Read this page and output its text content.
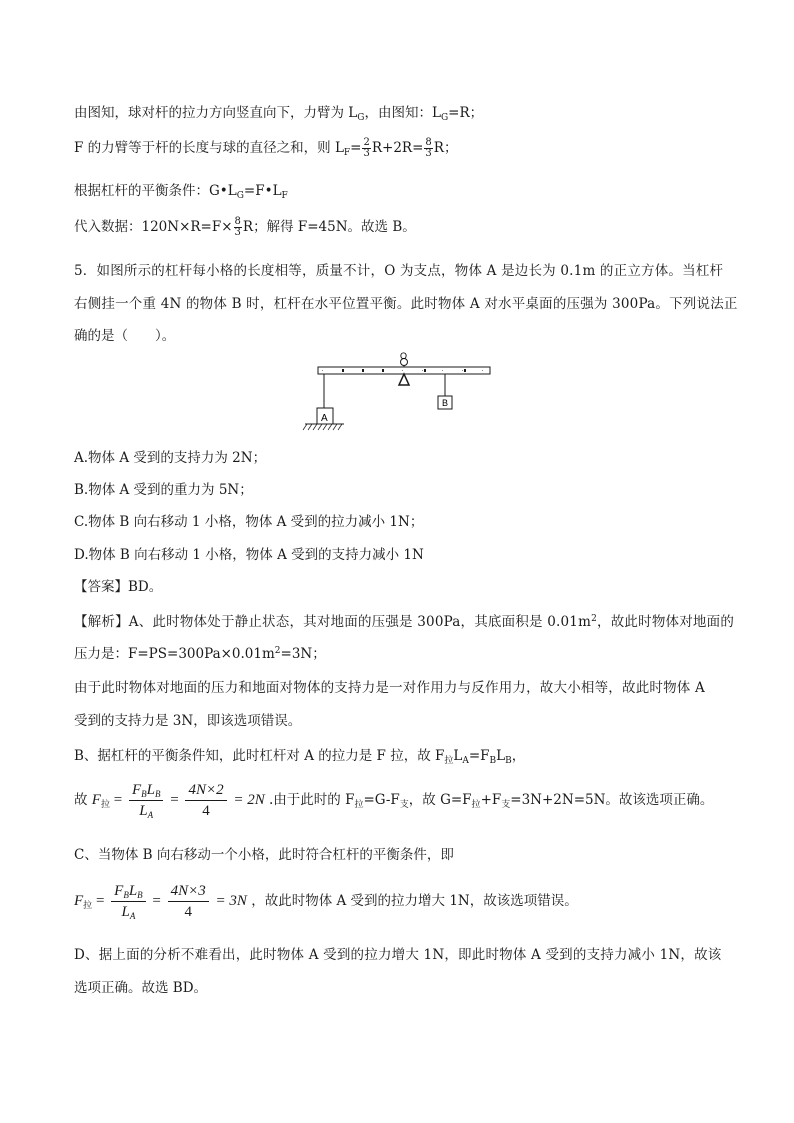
由图知，球对杆的拉力方向竖直向下，力臂为 $L_G$，由图知：$L_G=R$；
F 的力臂等于杆的长度与球的直径之和，则 $L_F= \frac{2}{3} R+2R= \frac{8}{3}$ R；
根据杠杆的平衡条件：$G•L_G=F•L_F$
代入数据：$120N\times R=F\times \frac{8}{3}$ R；解得 F=45N。故选 B。
5．如图所示的杠杆每小格的长度相等，质量不计，O 为支点，物体 A 是边长为 0.1m 的正立方体。当杠杆
右侧挂一个重 4N 的物体 B 时，杠杆在水平位置平衡。此时物体 A 对水平桌面的压强为 300Pa。下列说法正
确的是（　　）。
A
B
O
A.物体 A 受到的支持力为 2N；
B.物体 A 受到的重力为 5N；
C.物体 B 向右移动 1 小格，物体 A 受到的拉力减小 1N；
D.物体 B 向右移动 1 小格，物体 A 受到的支持力减小 1N
【答案】BD。
【解析】A、此时物体处于静止状态，其对地面的压强是 300Pa，其底面积是 $0.01m^2$，故此时物体对地面的
压力是：$F=PS=300Pa\times 0.01m^2=3N$；
由于此时物体对地面的压力和地面对物体的支持力是一对作用力与反作用力，故大小相等，故此时物体 A
受到的支持力是 3N，即该选项错误。
B、据杠杆的平衡条件知，此时杠杆对 A 的拉力是 F 拉，故 $F_拉L_A=F_BL_B$，
故 $F_拉 = \frac{F_BL_B}{L_A} = \frac{4N\times 2}{4} = 2N$ .由于此时的 $F_拉=G-F_支$，故 $G=F_拉+F_支=3N+2N=5N$。故该选项正确。
C、当物体 B 向右移动一个小格，此时符合杠杆的平衡条件，即
$F_拉 = \frac{F_BL_B}{L_A} = \frac{4N\times 3}{4} = 3N$ ，故此时物体 A 受到的拉力增大 1N，故该选项错误。
D、据上面的分析不难看出，此时物体 A 受到的拉力增大 1N，即此时物体 A 受到的支持力减小 1N，故该
选项正确。故选 BD。
